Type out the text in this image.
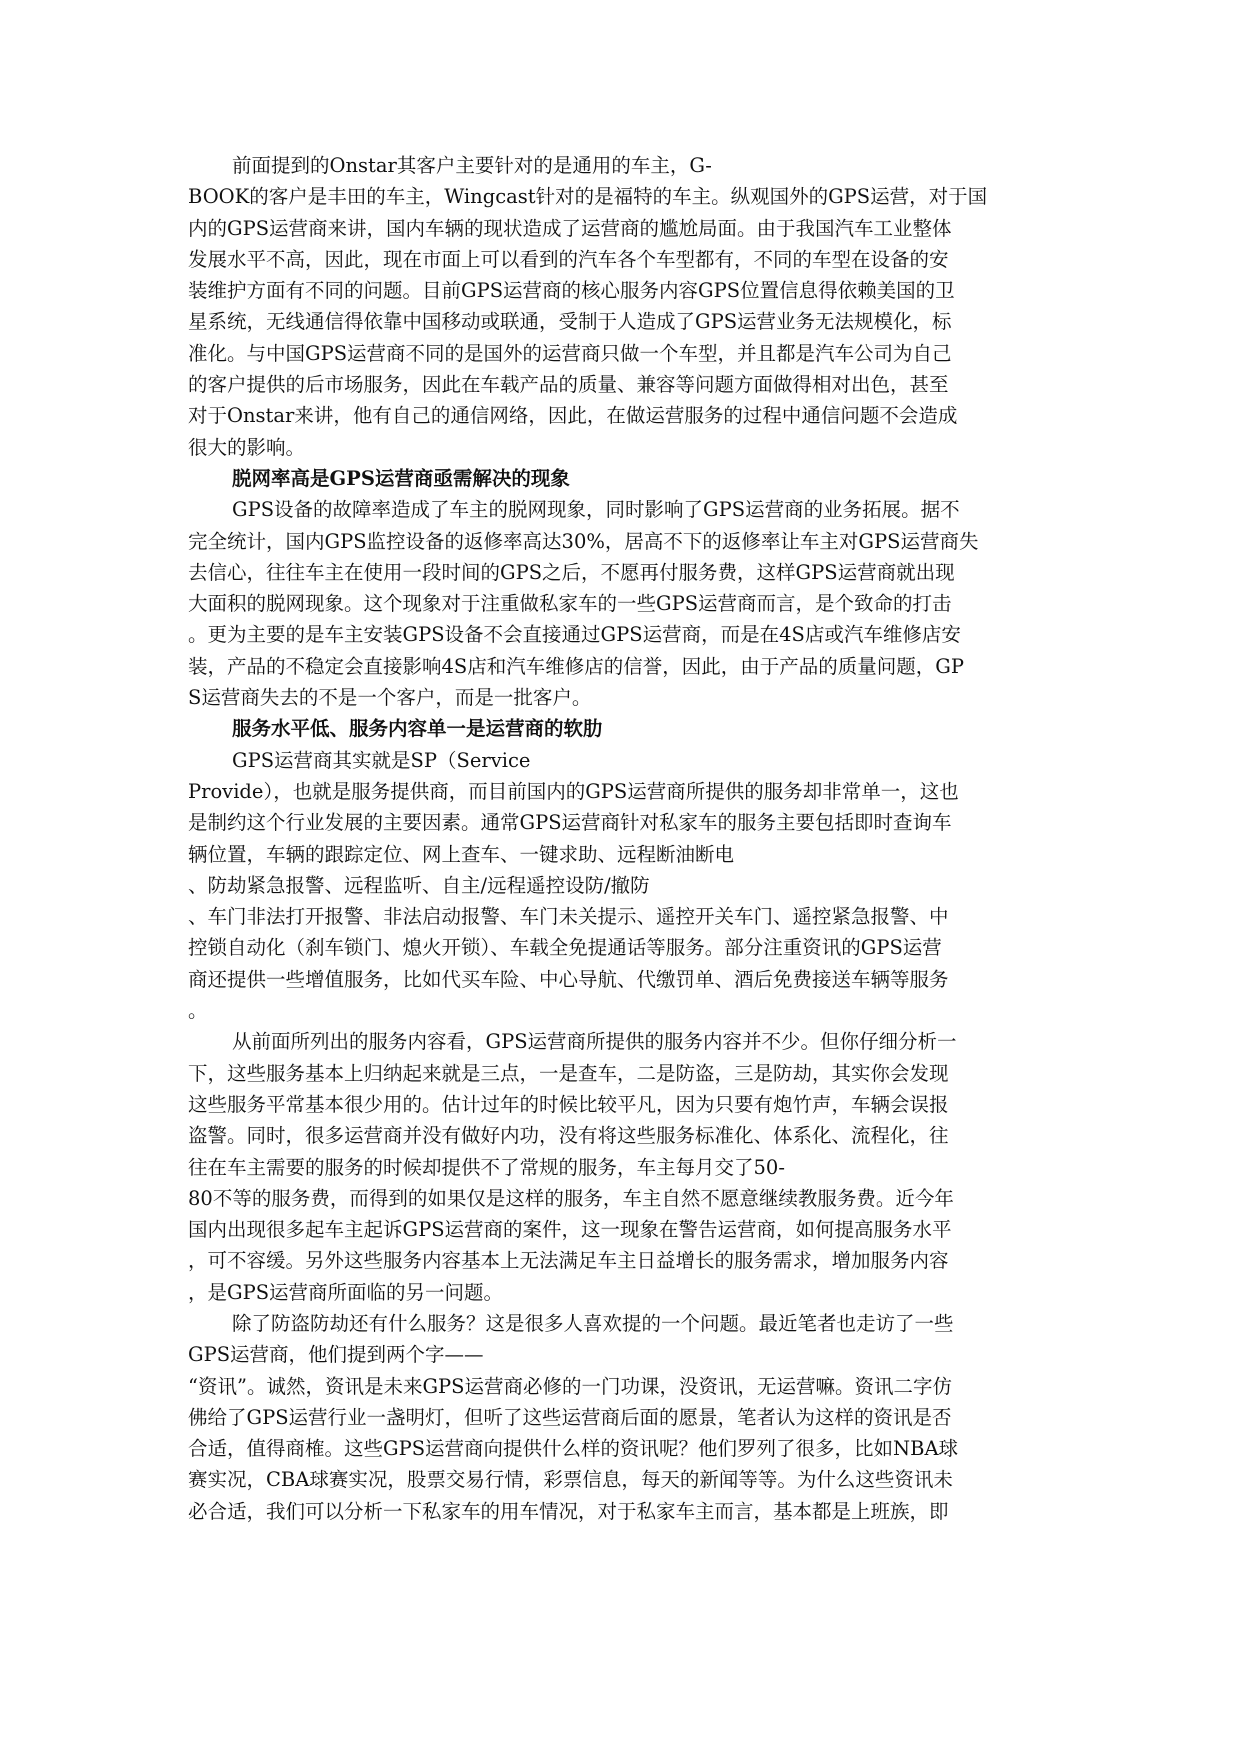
前面提到的Onstar其客户主要针对的是通用的车主，G-
BOOK的客户是丰田的车主，Wingcast针对的是福特的车主。纵观国外的GPS运营，对于国
内的GPS运营商来讲，国内车辆的现状造成了运营商的尴尬局面。由于我国汽车工业整体
发展水平不高，因此，现在市面上可以看到的汽车各个车型都有，不同的车型在设备的安
装维护方面有不同的问题。目前GPS运营商的核心服务内容GPS位置信息得依赖美国的卫
星系统，无线通信得依靠中国移动或联通，受制于人造成了GPS运营业务无法规模化，标
准化。与中国GPS运营商不同的是国外的运营商只做一个车型，并且都是汽车公司为自己
的客户提供的后市场服务，因此在车载产品的质量、兼容等问题方面做得相对出色，甚至
对于Onstar来讲，他有自己的通信网络，因此，在做运营服务的过程中通信问题不会造成
很大的影响。
脱网率高是GPS运营商亟需解决的现象
GPS设备的故障率造成了车主的脱网现象，同时影响了GPS运营商的业务拓展。据不
完全统计，国内GPS监控设备的返修率高达30%，居高不下的返修率让车主对GPS运营商失
去信心，往往车主在使用一段时间的GPS之后，不愿再付服务费，这样GPS运营商就出现
大面积的脱网现象。这个现象对于注重做私家车的一些GPS运营商而言，是个致命的打击
。更为主要的是车主安装GPS设备不会直接通过GPS运营商，而是在4S店或汽车维修店安
装，产品的不稳定会直接影响4S店和汽车维修店的信誉，因此，由于产品的质量问题，GP
S运营商失去的不是一个客户，而是一批客户。
服务水平低、服务内容单一是运营商的软肋
GPS运营商其实就是SP（Service
Provide），也就是服务提供商，而目前国内的GPS运营商所提供的服务却非常单一，这也
是制约这个行业发展的主要因素。通常GPS运营商针对私家车的服务主要包括即时查询车
辆位置，车辆的跟踪定位、网上查车、一键求助、远程断油断电
、防劫紧急报警、远程监听、自主/远程遥控设防/撤防
、车门非法打开报警、非法启动报警、车门未关提示、遥控开关车门、遥控紧急报警、中
控锁自动化（刹车锁门、熄火开锁）、车载全免提通话等服务。部分注重资讯的GPS运营
商还提供一些增值服务，比如代买车险、中心导航、代缴罚单、酒后免费接送车辆等服务
。
从前面所列出的服务内容看，GPS运营商所提供的服务内容并不少。但你仔细分析一
下，这些服务基本上归纳起来就是三点，一是查车，二是防盗，三是防劫，其实你会发现
这些服务平常基本很少用的。估计过年的时候比较平凡，因为只要有炮竹声，车辆会误报
盗警。同时，很多运营商并没有做好内功，没有将这些服务标准化、体系化、流程化，往
往在车主需要的服务的时候却提供不了常规的服务，车主每月交了50-
80不等的服务费，而得到的如果仅是这样的服务，车主自然不愿意继续教服务费。近今年
国内出现很多起车主起诉GPS运营商的案件，这一现象在警告运营商，如何提高服务水平
，可不容缓。另外这些服务内容基本上无法满足车主日益增长的服务需求，增加服务内容
，是GPS运营商所面临的另一问题。
除了防盗防劫还有什么服务？这是很多人喜欢提的一个问题。最近笔者也走访了一些
GPS运营商，他们提到两个字——
“资讯”。诚然，资讯是未来GPS运营商必修的一门功课，没资讯，无运营嘛。资讯二字仿
佛给了GPS运营行业一盏明灯，但听了这些运营商后面的愿景，笔者认为这样的资讯是否
合适，值得商榷。这些GPS运营商向提供什么样的资讯呢？他们罗列了很多，比如NBA球
赛实况，CBA球赛实况，股票交易行情，彩票信息，每天的新闻等等。为什么这些资讯未
必合适，我们可以分析一下私家车的用车情况，对于私家车主而言，基本都是上班族，即
